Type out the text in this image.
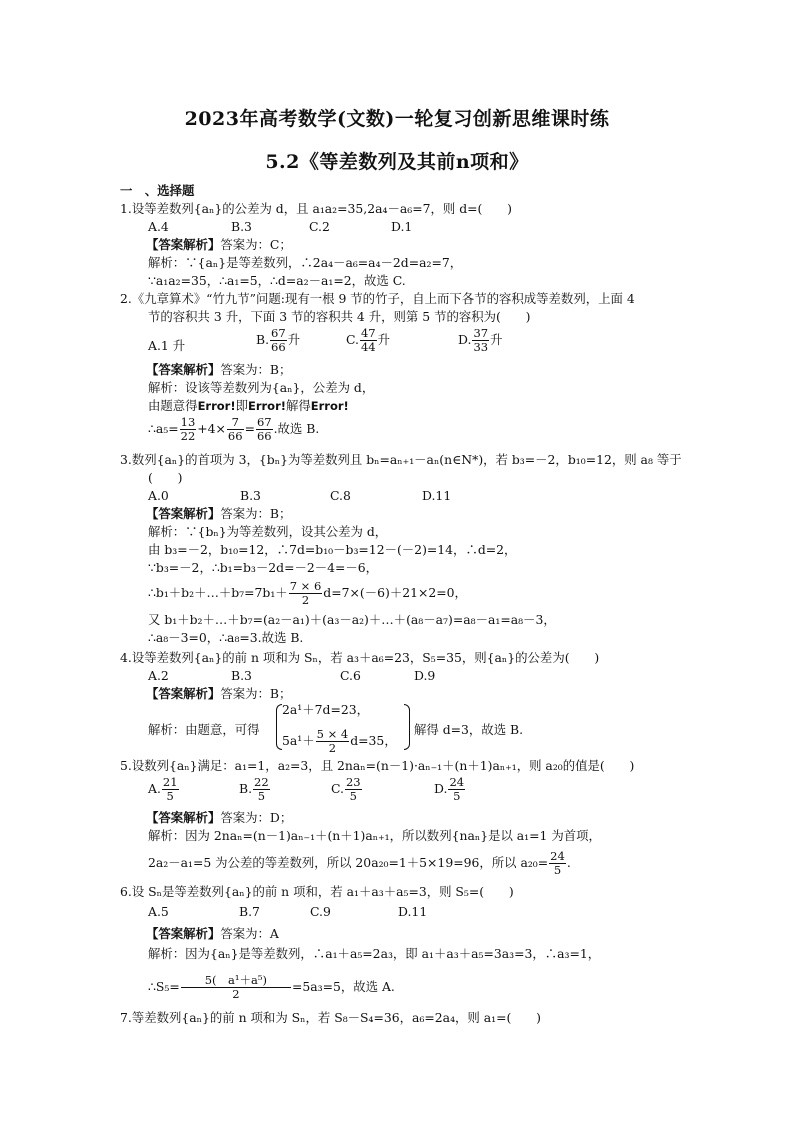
2023年高考数学(文数)一轮复习创新思维课时练
5.2《等差数列及其前n项和》
一　、选择题
1.设等差数列{aₙ}的公差为 d，且 a₁a₂=35,2a₄－a₆=7，则 d=(　　)
A.4	B.3	C.2	D.1
【答案解析】答案为：C；
解析：∵{aₙ}是等差数列，∴2a₄－a₆=a₄－2d=a₂=7，
∵a₁a₂=35，∴a₁=5，∴d=a₂－a₁=2，故选 C.
2.《九章算术》“竹九节”问题:现有一根 9 节的竹子，自上而下各节的容积成等差数列，上面 4
节的容积共 3 升，下面 3 节的容积共 4 升，则第 5 节的容积为(　　)
A.1 升	B. $\frac{67}{66}$ 升	C. $\frac{47}{44}$ 升	D. $\frac{37}{33}$ 升
【答案解析】答案为：B；
解析：设该等差数列为{aₙ}，公差为 d，
由题意得Error!即Error!解得Error!
∴a₅= $\frac{13}{22} +4\times \frac{7}{66} = \frac{67}{66}$ .故选 B.
3.数列{aₙ}的首项为 3，{bₙ}为等差数列且 bₙ=aₙ₊₁－aₙ(n∈N*)，若 b₃=－2，b₁₀=12，则 a₈ 等于
(　　)
A.0	B.3	C.8	D.11
【答案解析】答案为：B；
解析：∵{bₙ}为等差数列，设其公差为 d，
由 b₃=－2，b₁₀=12，∴7d=b₁₀－b₃=12－(－2)=14，∴d=2，
∵b₃=－2，∴b₁=b₃－2d=－2－4=－6，
∴b₁＋b₂＋…＋b₇=7b₁＋ $\frac{7 \times 6}{2} d=7\times(-6)+21\times 2=0$，
又 b₁＋b₂＋…＋b₇=(a₂－a₁)＋(a₃－a₂)＋…＋(a₈－a₇)=a₈－a₁=a₈－3，
∴a₈－3=0，∴a₈=3.故选 B.
4.设等差数列{aₙ}的前 n 项和为 Sₙ，若 a₃＋a₆=23，S₅=35，则{aₙ}的公差为(　　)
A.2	B.3	C.6	D.9
【答案解析】答案为：B；
解析：由题意，可得
2a¹＋7d=23，
$5a^1+ \frac{5 \times 4}{2} d=35$，
解得 d=3，故选 B.
5.设数列{aₙ}满足：a₁=1，a₂=3，且 2naₙ=(n－1)·aₙ₋₁＋(n＋1)aₙ₊₁，则 a₂₀的值是(　　)
A. $\frac{21}{5}$	B. $\frac{22}{5}$	C. $\frac{23}{5}$	D. $\frac{24}{5}$
【答案解析】答案为：D；
解析：因为 2naₙ=(n－1)aₙ₋₁＋(n＋1)aₙ₊₁，所以数列{naₙ}是以 a₁=1 为首项，
2a₂－a₁=5 为公差的等差数列，所以 20a₂₀=1＋5×19=96，所以 $a_{20}= \frac{24}{5}$ .
6.设 Sₙ是等差数列{aₙ}的前 n 项和，若 a₁＋a₃＋a₅=3，则 S₅=(　　)
A.5	B.7	C.9	D.11
【答案解析】答案为：A
解析：因为{aₙ}是等差数列，∴a₁＋a₅=2a₃，即 a₁＋a₃＋a₅=3a₃=3，∴a₃=1，
∴S₅= $\frac{\text{5(　a¹＋a⁵)}}{2} =5a_3=5$，故选 A.
7.等差数列{aₙ}的前 n 项和为 Sₙ，若 S₈－S₄=36，a₆=2a₄，则 a₁=(　　)
